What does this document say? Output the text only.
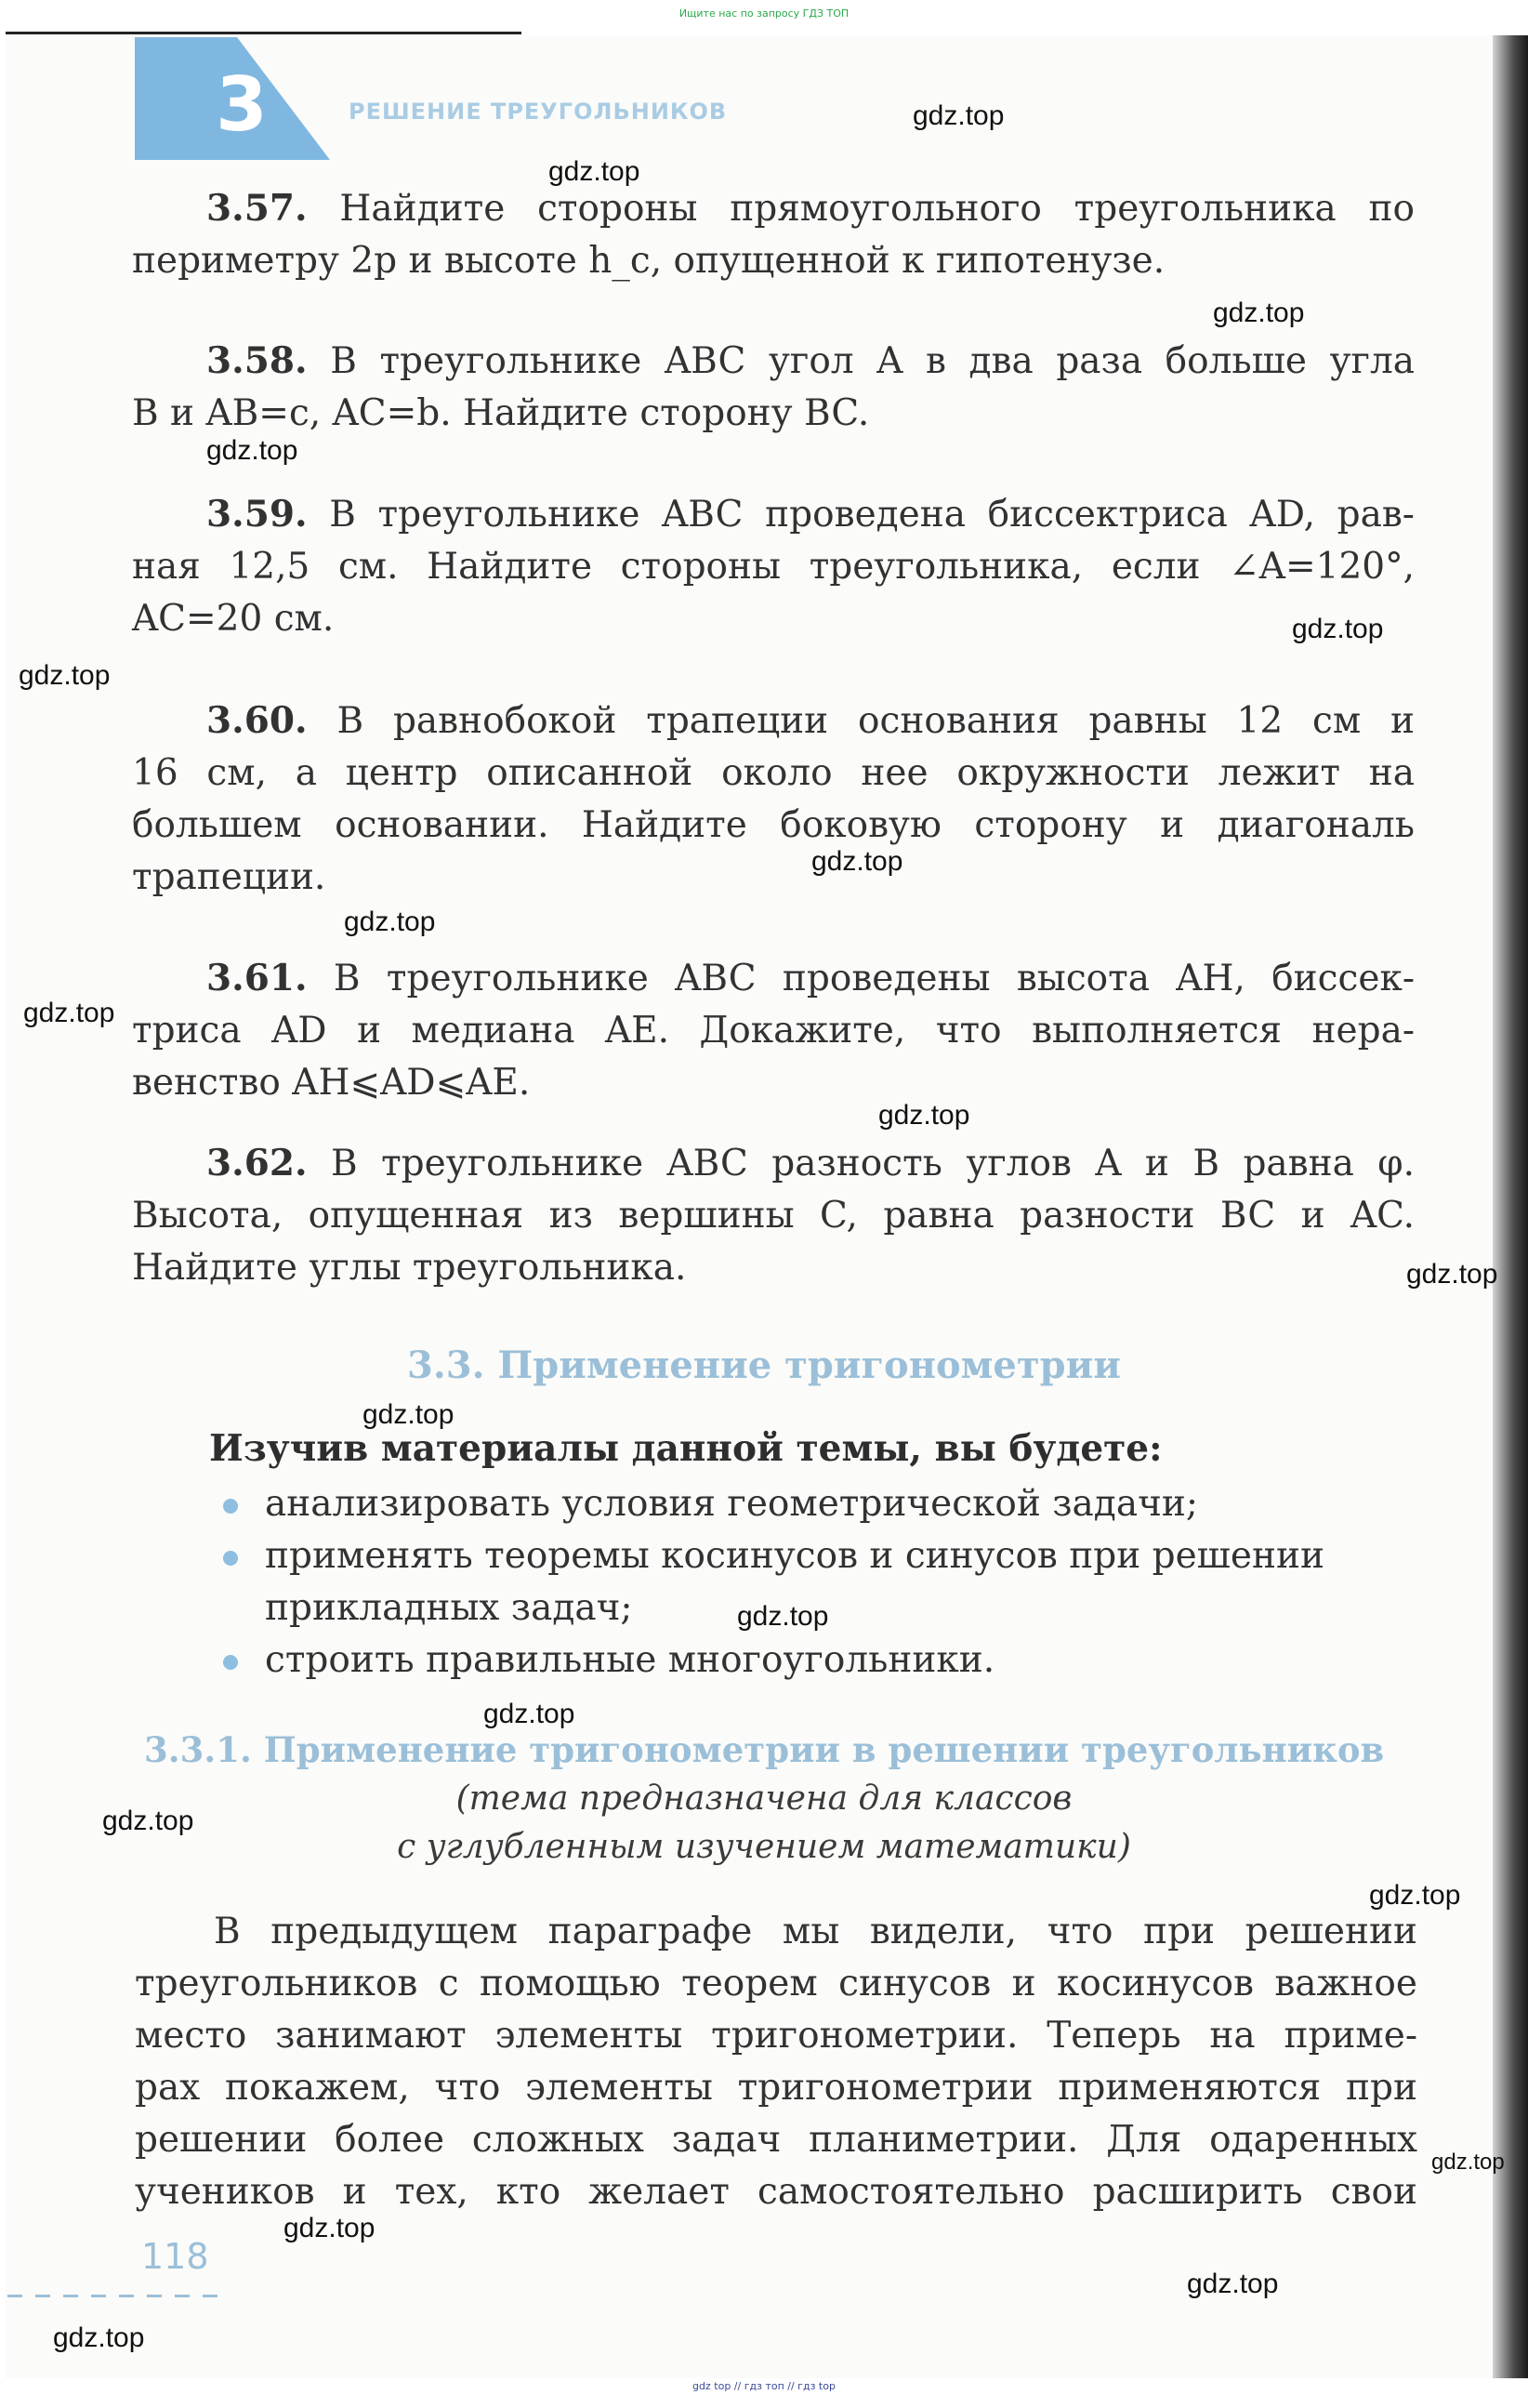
Ищите нас по запросу ГДЗ ТОП
3	РЕШЕНИЕ ТРЕУГОЛЬНИКОВ
3.57. Найдите стороны прямоугольного треугольника по
периметру 2p и высоте h_c, опущенной к гипотенузе.
3.58. В треугольнике ABC угол A в два раза больше угла
B и AB=c, AC=b. Найдите сторону BC.
3.59. В треугольнике ABC проведена биссектриса AD, рав-
ная 12,5 см. Найдите стороны треугольника, если ∠A=120°,
AC=20 см.
3.60. В равнобокой трапеции основания равны 12 см и
16 см, а центр описанной около нее окружности лежит на
большем основании. Найдите боковую сторону и диагональ
трапеции.
3.61. В треугольнике ABC проведены высота AH, биссек-
триса AD и медиана AE. Докажите, что выполняется нера-
венство AH⩽AD⩽AE.
3.62. В треугольнике ABC разность углов A и B равна φ.
Высота, опущенная из вершины C, равна разности BC и AC.
Найдите углы треугольника.
3.3. Применение тригонометрии
Изучив материалы данной темы, вы будете:
анализировать условия геометрической задачи;
применять теоремы косинусов и синусов при решении
прикладных задач;
строить правильные многоугольники.
3.3.1. Применение тригонометрии в решении треугольников
(тема предназначена для классов
с углубленным изучением математики)
В предыдущем параграфе мы видели, что при решении
треугольников с помощью теорем синусов и косинусов важное
место занимают элементы тригонометрии. Теперь на приме-
рах покажем, что элементы тригонометрии применяются при
решении более сложных задач планиметрии. Для одаренных
учеников и тех, кто желает самостоятельно расширить свои
118
gdz.top
gdz.top
gdz.top
gdz.top
gdz.top
gdz.top
gdz.top
gdz.top
gdz.top
gdz.top
gdz.top
gdz.top
gdz.top
gdz.top
gdz.top
gdz.top
gdz.top
gdz.top
gdz.top
gdz.top
gdz top // гдз топ // гдз top
